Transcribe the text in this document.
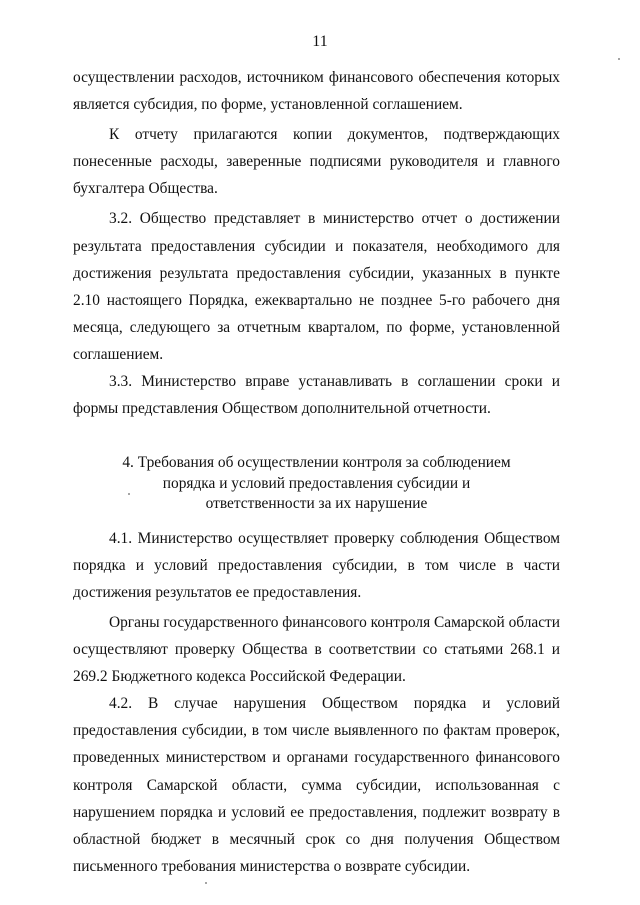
11

осуществлении расходов, источником финансового обеспечения которых является субсидия, по форме, установленной соглашением.

К отчету прилагаются копии документов, подтверждающих понесенные расходы, заверенные подписями руководителя и главного бухгалтера Общества.

3.2. Общество представляет в министерство отчет о достижении результата предоставления субсидии и показателя, необходимого для достижения результата предоставления субсидии, указанных в пункте 2.10 настоящего Порядка, ежеквартально не позднее 5-го рабочего дня месяца, следующего за отчетным кварталом, по форме, установленной соглашением.

3.3. Министерство вправе устанавливать в соглашении сроки и формы представления Обществом дополнительной отчетности.

4. Требования об осуществлении контроля за соблюдением
порядка и условий предоставления субсидии и
ответственности за их нарушение

4.1. Министерство осуществляет проверку соблюдения Обществом порядка и условий предоставления субсидии, в том числе в части достижения результатов ее предоставления.

Органы государственного финансового контроля Самарской области осуществляют проверку Общества в соответствии со статьями 268.1 и 269.2 Бюджетного кодекса Российской Федерации.

4.2. В случае нарушения Обществом порядка и условий предоставления субсидии, в том числе выявленного по фактам проверок, проведенных министерством и органами государственного финансового контроля Самарской области, сумма субсидии, использованная с нарушением порядка и условий ее предоставления, подлежит возврату в областной бюджет в месячный срок со дня получения Обществом письменного требования министерства о возврате субсидии.
